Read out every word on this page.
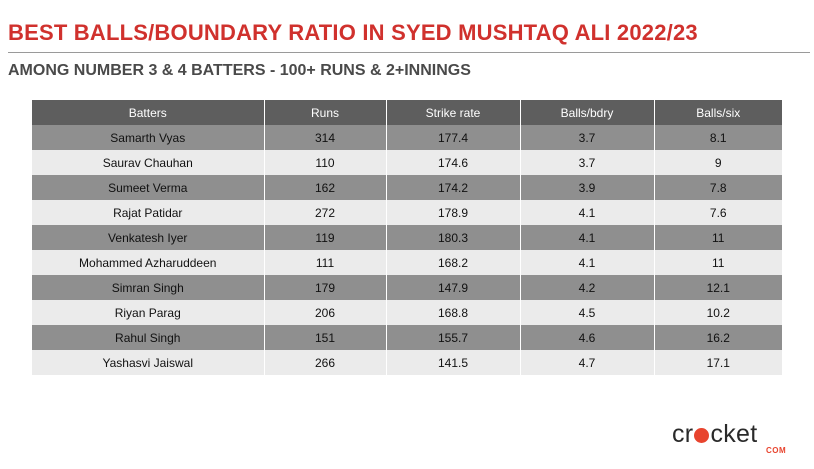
BEST BALLS/BOUNDARY RATIO IN SYED MUSHTAQ ALI 2022/23
AMONG NUMBER 3 & 4 BATTERS - 100+ RUNS & 2+INNINGS
Batters	Runs	Strike rate	Balls/bdry	Balls/six
Samarth Vyas	314	177.4	3.7	8.1
Saurav Chauhan	110	174.6	3.7	9
Sumeet Verma	162	174.2	3.9	7.8
Rajat Patidar	272	178.9	4.1	7.6
Venkatesh Iyer	119	180.3	4.1	11
Mohammed Azharuddeen	111	168.2	4.1	11
Simran Singh	179	147.9	4.2	12.1
Riyan Parag	206	168.8	4.5	10.2
Rahul Singh	151	155.7	4.6	16.2
Yashasvi Jaiswal	266	141.5	4.7	17.1
cr cket
COM
